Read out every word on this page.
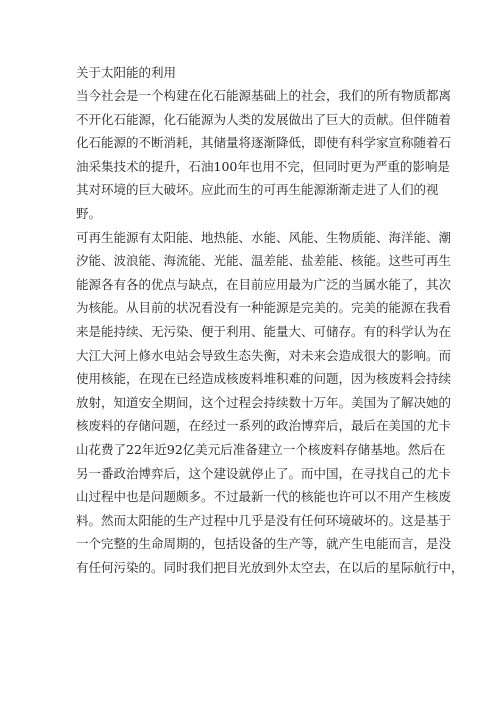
关于太阳能的利用
当今社会是一个构建在化石能源基础上的社会，我们的所有物质都离
不开化石能源，化石能源为人类的发展做出了巨大的贡献。但伴随着
化石能源的不断消耗，其储量将逐渐降低，即使有科学家宣称随着石
油采集技术的提升，石油100年也用不完，但同时更为严重的影响是
其对环境的巨大破坏。应此而生的可再生能源渐渐走进了人们的视
野。
可再生能源有太阳能、地热能、水能、风能、生物质能、海洋能、潮
汐能、波浪能、海流能、光能、温差能、盐差能、核能。这些可再生
能源各有各的优点与缺点，在目前应用最为广泛的当属水能了，其次
为核能。从目前的状况看没有一种能源是完美的。完美的能源在我看
来是能持续、无污染、便于利用、能量大、可储存。有的科学认为在
大江大河上修水电站会导致生态失衡，对未来会造成很大的影响。而
使用核能，在现在已经造成核废料堆积难的问题，因为核废料会持续
放射，知道安全期间，这个过程会持续数十万年。美国为了解决她的
核废料的存储问题，在经过一系列的政治博弈后，最后在美国的尤卡
山花费了22年近92亿美元后准备建立一个核废料存储基地。然后在
另一番政治博弈后，这个建设就停止了。而中国，在寻找自己的尤卡
山过程中也是问题颇多。不过最新一代的核能也许可以不用产生核废
料。然而太阳能的生产过程中几乎是没有任何环境破坏的。这是基于
一个完整的生命周期的，包括设备的生产等，就产生电能而言，是没
有任何污染的。同时我们把目光放到外太空去，在以后的星际航行中，
